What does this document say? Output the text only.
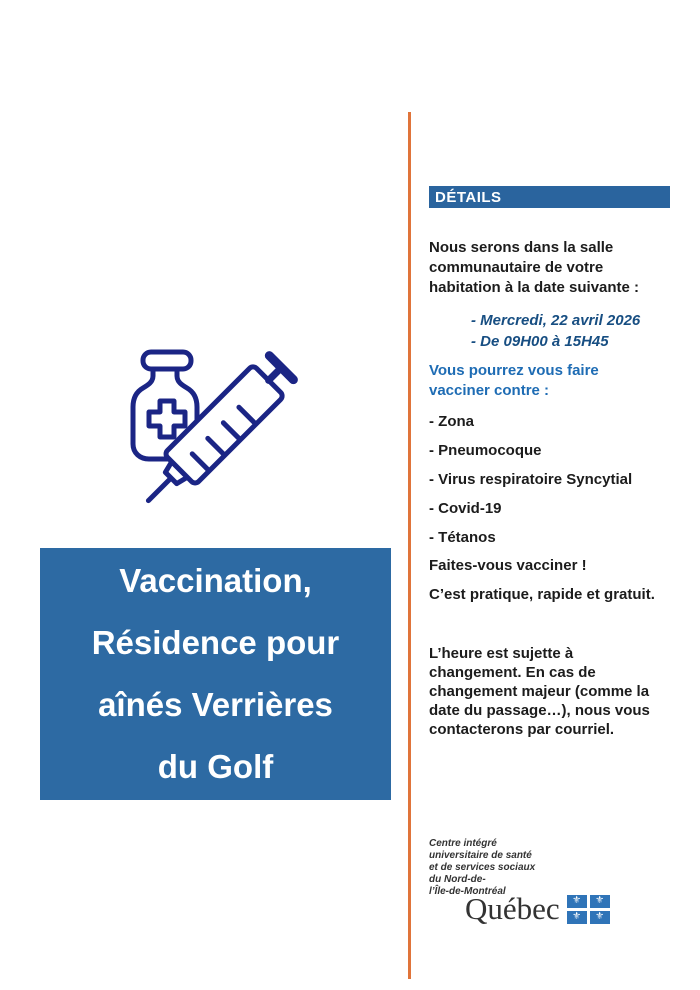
Vaccination,
Résidence pour
aînés Verrières
du Golf
DÉTAILS
Nous serons dans la salle
communautaire de votre
habitation à la date suivante :
- Mercredi, 22 avril 2026
- De 09H00 à 15H45
Vous pourrez vous faire
vacciner contre :
- Zona
- Pneumocoque
- Virus respiratoire Syncytial
- Covid-19
- Tétanos
Faites-vous vacciner !
C’est pratique, rapide et gratuit.
L’heure est sujette à
changement. En cas de
changement majeur (comme la
date du passage…), nous vous
contacterons par courriel.
Centre intégré
universitaire de santé
et de services sociaux
du Nord-de-
l’Île-de-Montréal
Québec ⚜ ⚜
⚜ ⚜
